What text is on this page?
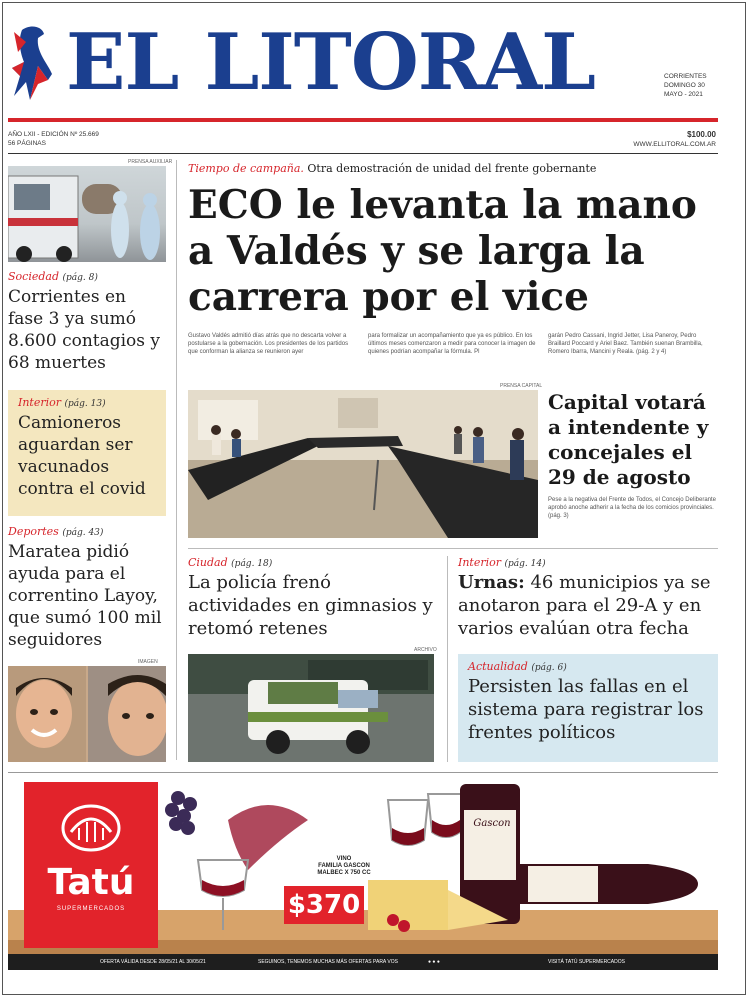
EL LITORAL	CORRIENTES
DOMINGO 30
MAYO - 2021
AÑO LXII - EDICIÓN Nº 25.669
56 PÁGINAS
$100.00
WWW.ELLITORAL.COM.AR
PRENSA AUXILIAR
Sociedad (pág. 8)
Corrientes en fase 3 ya sumó 8.600 contagios y 68 muertes
Interior (pág. 13)
Camioneros aguardan ser vacunados contra el covid
Deportes (pág. 43)
Maratea pidió ayuda para el correntino Layoy, que sumó 100 mil seguidores
IMAGEN
Tiempo de campaña. Otra demostración de unidad del frente gobernante
ECO le levanta la mano a Valdés y se larga la carrera por el vice
Gustavo Valdés admitió días atrás que no descarta volver a postularse a la gobernación. Los presidentes de los partidos que conforman la alianza se reunieron ayer
para formalizar un acompañamiento que ya es público. En los últimos meses comenzaron a medir para conocer la imagen de quienes podrían acompañar la fórmula. Pl
garán Pedro Cassani, Ingrid Jetter, Lisa Paneroy, Pedro Braillard Poccard y Ariel Baez. También suenan Brambilla, Romero Ibarra, Mancini y Reala. (pág. 2 y 4)
PRENSA CAPITAL
Capital votará a intendente y concejales el 29 de agosto
Pese a la negativa del Frente de Todos, el Concejo Deliberante aprobó anoche adherir a la fecha de los comicios provinciales. (pág. 3)
Ciudad (pág. 18)
La policía frenó actividades en gimnasios y retomó retenes
ARCHIVO
Interior (pág. 14)
Urnas: 46 municipios ya se anotaron para el 29-A y en varios evalúan otra fecha
Actualidad (pág. 6)
Persisten las fallas en el sistema para registrar los frentes políticos
Tatú
SUPERMERCADOS
VINO
FAMILIA GASCON
MALBEC X 750 CC
$370
Gascon
OFERTA VÁLIDA DESDE 28/05/21 AL 30/05/21	SEGUINOS, TENEMOS MUCHAS MÁS OFERTAS PARA VOS	● ● ●	VISITÁ TATÚ SUPERMERCADOS
